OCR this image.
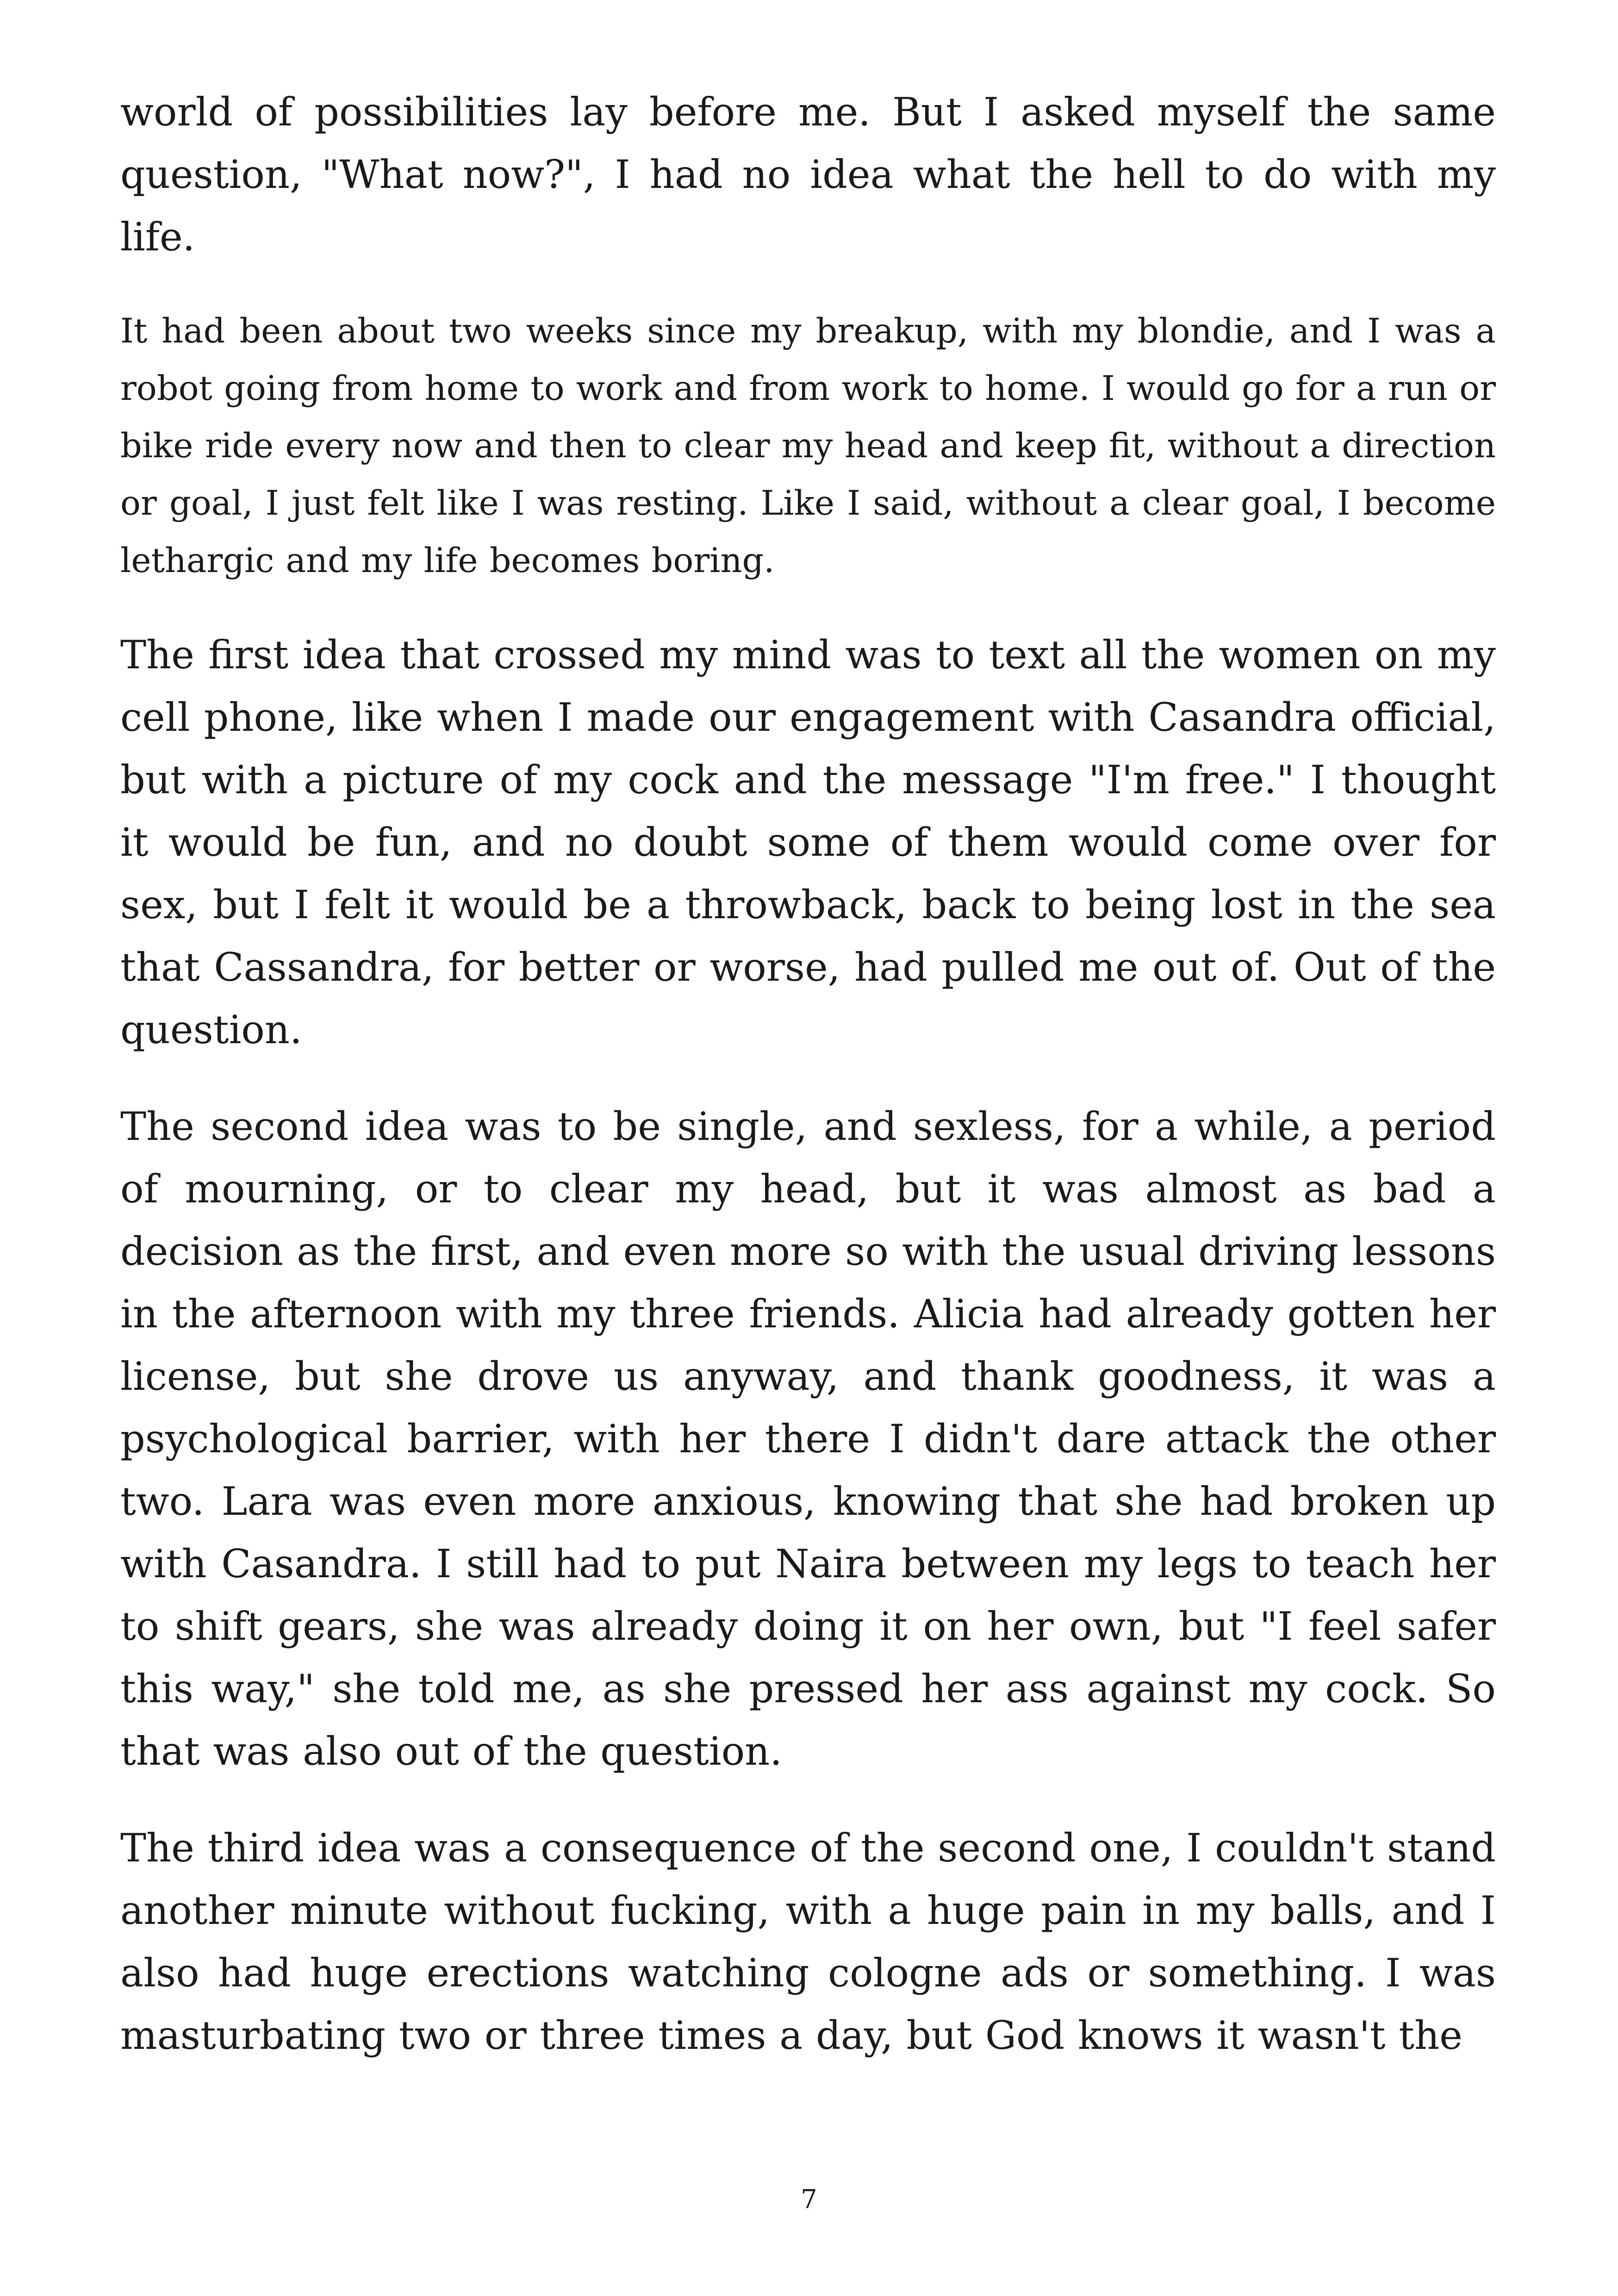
world of possibilities lay before me. But I asked myself the same question, "What now?", I had no idea what the hell to do with my life.

It had been about two weeks since my breakup, with my blondie, and I was a robot going from home to work and from work to home. I would go for a run or bike ride every now and then to clear my head and keep fit, without a direction or goal, I just felt like I was resting. Like I said, without a clear goal, I become lethargic and my life becomes boring.

The first idea that crossed my mind was to text all the women on my cell phone, like when I made our engagement with Casandra official, but with a picture of my cock and the message "I'm free." I thought it would be fun, and no doubt some of them would come over for sex, but I felt it would be a throwback, back to being lost in the sea that Cassandra, for better or worse, had pulled me out of. Out of the question.

The second idea was to be single, and sexless, for a while, a period of mourning, or to clear my head, but it was almost as bad a decision as the first, and even more so with the usual driving lessons in the afternoon with my three friends. Alicia had already gotten her license, but she drove us anyway, and thank goodness, it was a psychological barrier, with her there I didn't dare attack the other two. Lara was even more anxious, knowing that she had broken up with Casandra. I still had to put Naira between my legs to teach her to shift gears, she was already doing it on her own, but "I feel safer this way," she told me, as she pressed her ass against my cock. So that was also out of the question.

The third idea was a consequence of the second one, I couldn't stand another minute without fucking, with a huge pain in my balls, and I also had huge erections watching cologne ads or something. I was masturbating two or three times a day, but God knows it wasn't the

7
